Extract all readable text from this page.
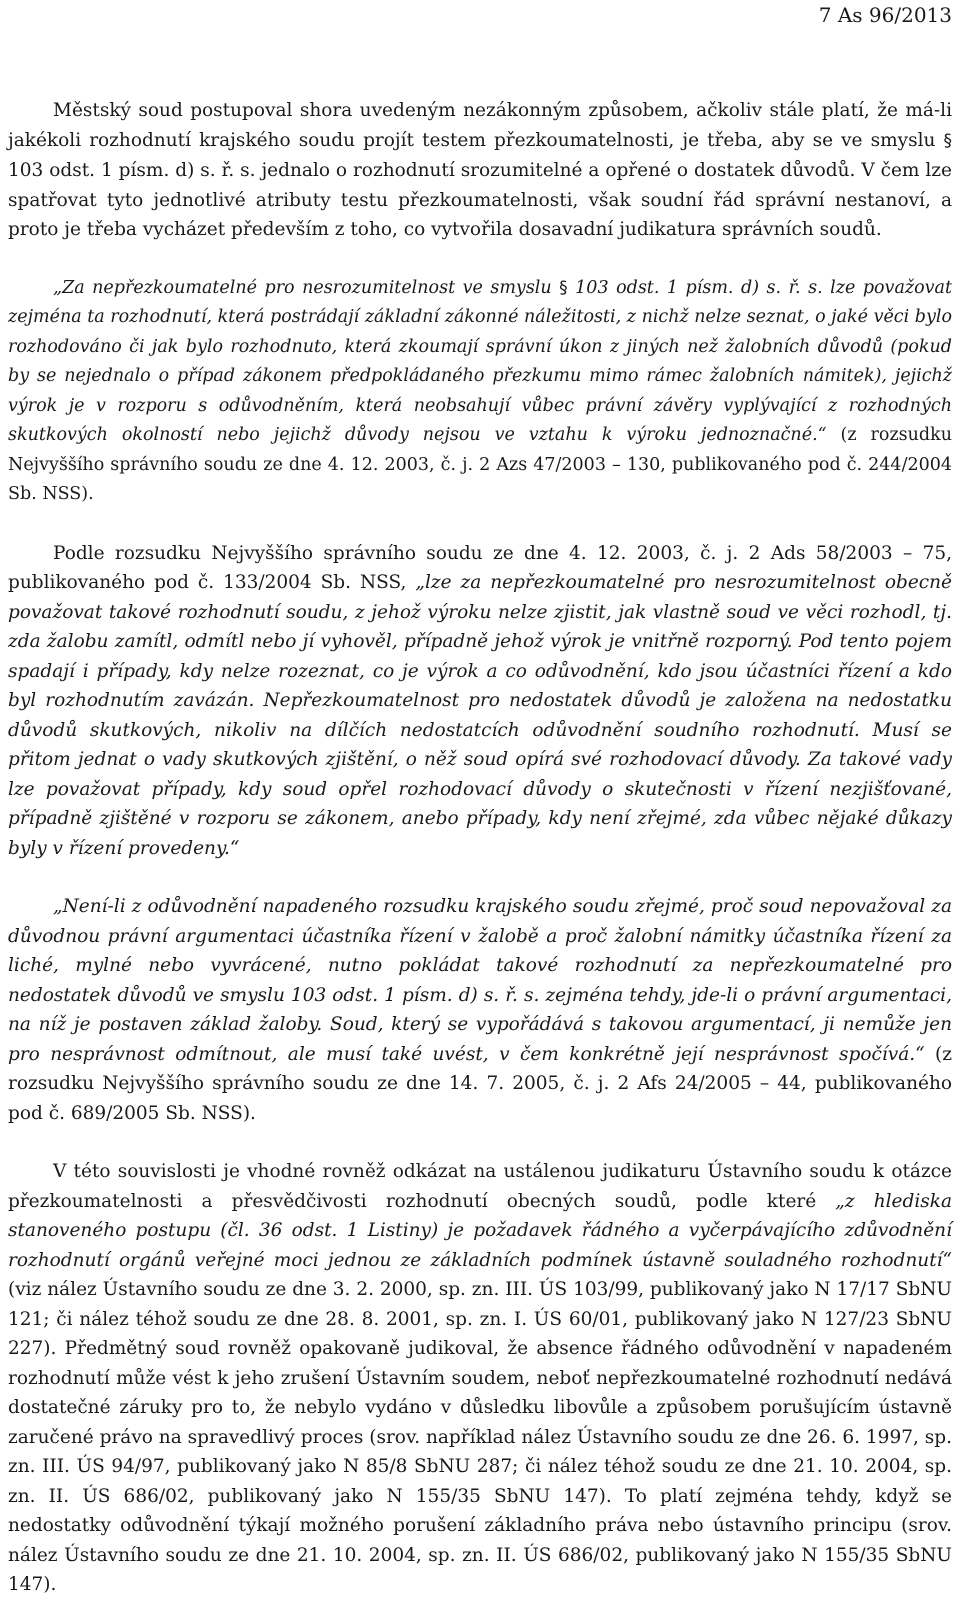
7 As 96/2013

Městský soud postupoval shora uvedeným nezákonným způsobem, ačkoliv stále platí, že má-li jakékoli rozhodnutí krajského soudu projít testem přezkoumatelnosti, je třeba, aby se ve smyslu § 103 odst. 1 písm. d) s. ř. s. jednalo o rozhodnutí srozumitelné a opřené o dostatek důvodů. V čem lze spatřovat tyto jednotlivé atributy testu přezkoumatelnosti, však soudní řád správní nestanoví, a proto je třeba vycházet především z toho, co vytvořila dosavadní judikatura správních soudů.

„Za nepřezkoumatelné pro nesrozumitelnost ve smyslu § 103 odst. 1 písm. d) s. ř. s. lze považovat zejména ta rozhodnutí, která postrádají základní zákonné náležitosti, z nichž nelze seznat, o jaké věci bylo rozhodováno či jak bylo rozhodnuto, která zkoumají správní úkon z jiných než žalobních důvodů (pokud by se nejednalo o případ zákonem předpokládaného přezkumu mimo rámec žalobních námitek), jejichž výrok je v rozporu s odůvodněním, která neobsahují vůbec právní závěry vyplývající z rozhodných skutkových okolností nebo jejichž důvody nejsou ve vztahu k výroku jednoznačné.“ (z rozsudku Nejvyššího správního soudu ze dne 4. 12. 2003, č. j. 2 Azs 47/2003 – 130, publikovaného pod č. 244/2004 Sb. NSS).

Podle rozsudku Nejvyššího správního soudu ze dne 4. 12. 2003, č. j. 2 Ads 58/2003 – 75, publikovaného pod č. 133/2004 Sb. NSS, „lze za nepřezkoumatelné pro nesrozumitelnost obecně považovat takové rozhodnutí soudu, z jehož výroku nelze zjistit, jak vlastně soud ve věci rozhodl, tj. zda žalobu zamítl, odmítl nebo jí vyhověl, případně jehož výrok je vnitřně rozporný. Pod tento pojem spadají i případy, kdy nelze rozeznat, co je výrok a co odůvodnění, kdo jsou účastníci řízení a kdo byl rozhodnutím zavázán. Nepřezkoumatelnost pro nedostatek důvodů je založena na nedostatku důvodů skutkových, nikoliv na dílčích nedostatcích odůvodnění soudního rozhodnutí. Musí se přitom jednat o vady skutkových zjištění, o něž soud opírá své rozhodovací důvody. Za takové vady lze považovat případy, kdy soud opřel rozhodovací důvody o skutečnosti v řízení nezjišťované, případně zjištěné v rozporu se zákonem, anebo případy, kdy není zřejmé, zda vůbec nějaké důkazy byly v řízení provedeny.“

„Není-li z odůvodnění napadeného rozsudku krajského soudu zřejmé, proč soud nepovažoval za důvodnou právní argumentaci účastníka řízení v žalobě a proč žalobní námitky účastníka řízení za liché, mylné nebo vyvrácené, nutno pokládat takové rozhodnutí za nepřezkoumatelné pro nedostatek důvodů ve smyslu 103 odst. 1 písm. d) s. ř. s. zejména tehdy, jde-li o právní argumentaci, na níž je postaven základ žaloby. Soud, který se vypořádává s takovou argumentací, ji nemůže jen pro nesprávnost odmítnout, ale musí také uvést, v čem konkrétně její nesprávnost spočívá.“ (z rozsudku Nejvyššího správního soudu ze dne 14. 7. 2005, č. j. 2 Afs 24/2005 – 44, publikovaného pod č. 689/2005 Sb. NSS).

V této souvislosti je vhodné rovněž odkázat na ustálenou judikaturu Ústavního soudu k otázce přezkoumatelnosti a přesvědčivosti rozhodnutí obecných soudů, podle které „z hlediska stanoveného postupu (čl. 36 odst. 1 Listiny) je požadavek řádného a vyčerpávajícího zdůvodnění rozhodnutí orgánů veřejné moci jednou ze základních podmínek ústavně souladného rozhodnutí“ (viz nález Ústavního soudu ze dne 3. 2. 2000, sp. zn. III. ÚS 103/99, publikovaný jako N 17/17 SbNU 121; či nález téhož soudu ze dne 28. 8. 2001, sp. zn. I. ÚS 60/01, publikovaný jako N 127/23 SbNU 227). Předmětný soud rovněž opakovaně judikoval, že absence řádného odůvodnění v napadeném rozhodnutí může vést k jeho zrušení Ústavním soudem, neboť nepřezkoumatelné rozhodnutí nedává dostatečné záruky pro to, že nebylo vydáno v důsledku libovůle a způsobem porušujícím ústavně zaručené právo na spravedlivý proces (srov. například nález Ústavního soudu ze dne 26. 6. 1997, sp. zn. III. ÚS 94/97, publikovaný jako N 85/8 SbNU 287; či nález téhož soudu ze dne 21. 10. 2004, sp. zn. II. ÚS 686/02, publikovaný jako N 155/35 SbNU 147). To platí zejména tehdy, když se nedostatky odůvodnění týkají možného porušení základního práva nebo ústavního principu (srov. nález Ústavního soudu ze dne 21. 10. 2004, sp. zn. II. ÚS 686/02, publikovaný jako N 155/35 SbNU 147).
